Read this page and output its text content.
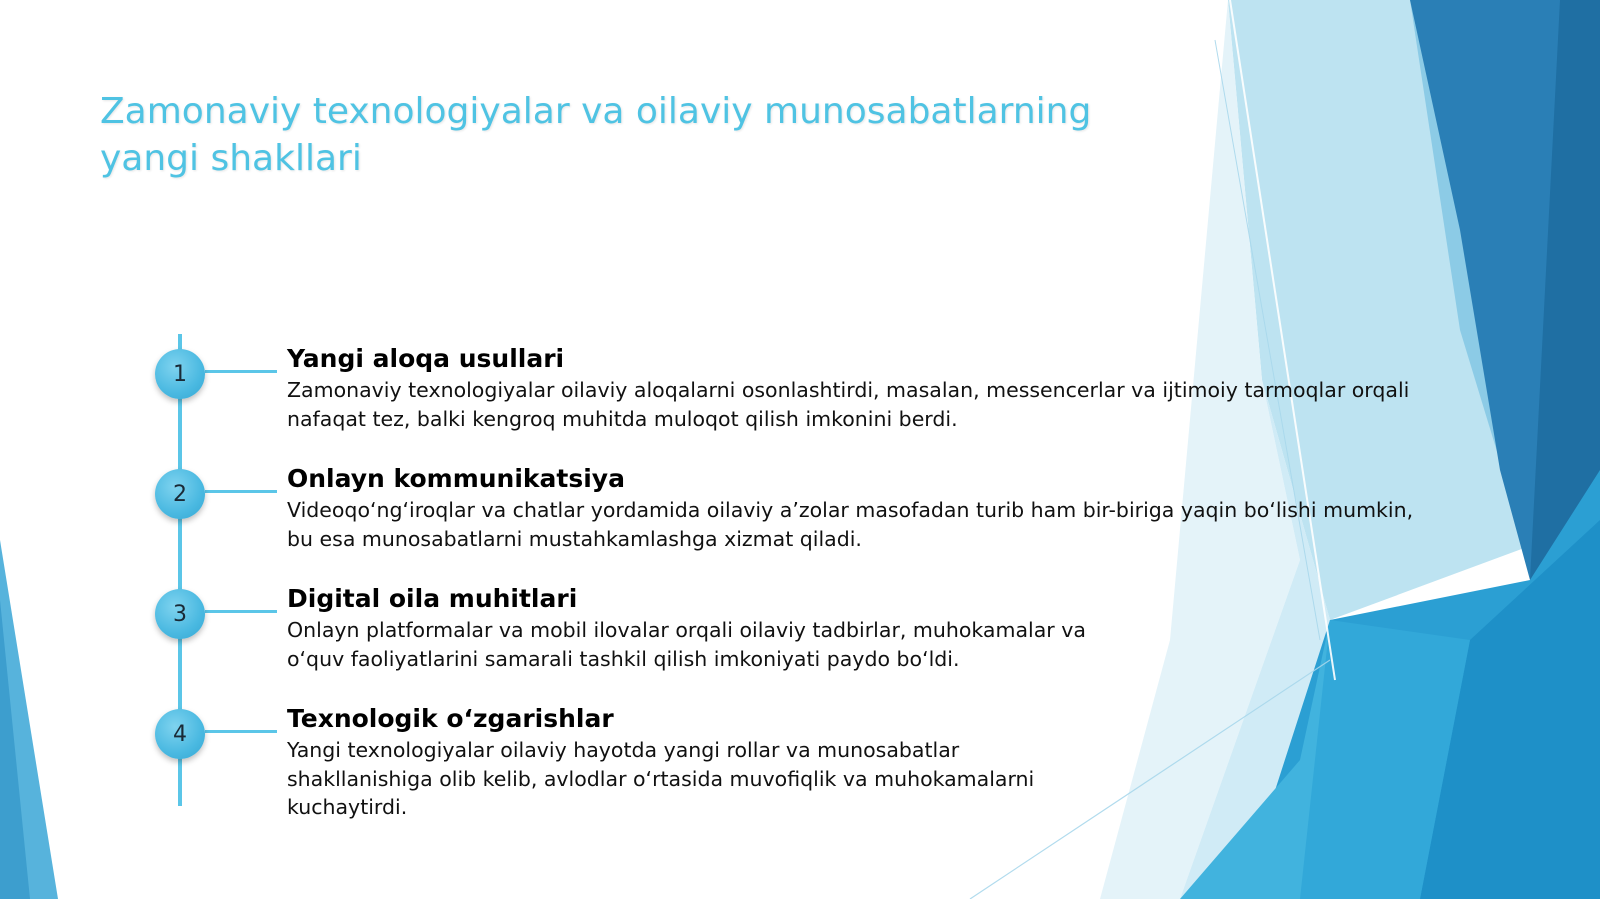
Zamonaviy texnologiyalar va oilaviy munosabatlarning yangi shakllari
1
2
3
4
Yangi aloqa usullari

Zamonaviy texnologiyalar oilaviy aloqalarni osonlashtirdi, masalan, messencerlar va ijtimoiy tarmoqlar orqali nafaqat tez, balki kengroq muhitda muloqot qilish imkonini berdi.

Onlayn kommunikatsiya

Videoqo‘ng‘iroqlar va chatlar yordamida oilaviy a’zolar masofadan turib ham bir-biriga yaqin bo‘lishi mumkin, bu esa munosabatlarni mustahkamlashga xizmat qiladi.

Digital oila muhitlari

Onlayn platformalar va mobil ilovalar orqali oilaviy tadbirlar, muhokamalar va o‘quv faoliyatlarini samarali tashkil qilish imkoniyati paydo bo‘ldi.

Texnologik o‘zgarishlar

Yangi texnologiyalar oilaviy hayotda yangi rollar va munosabatlar shakllanishiga olib kelib, avlodlar o‘rtasida muvofiqlik va muhokamalarni kuchaytirdi.
